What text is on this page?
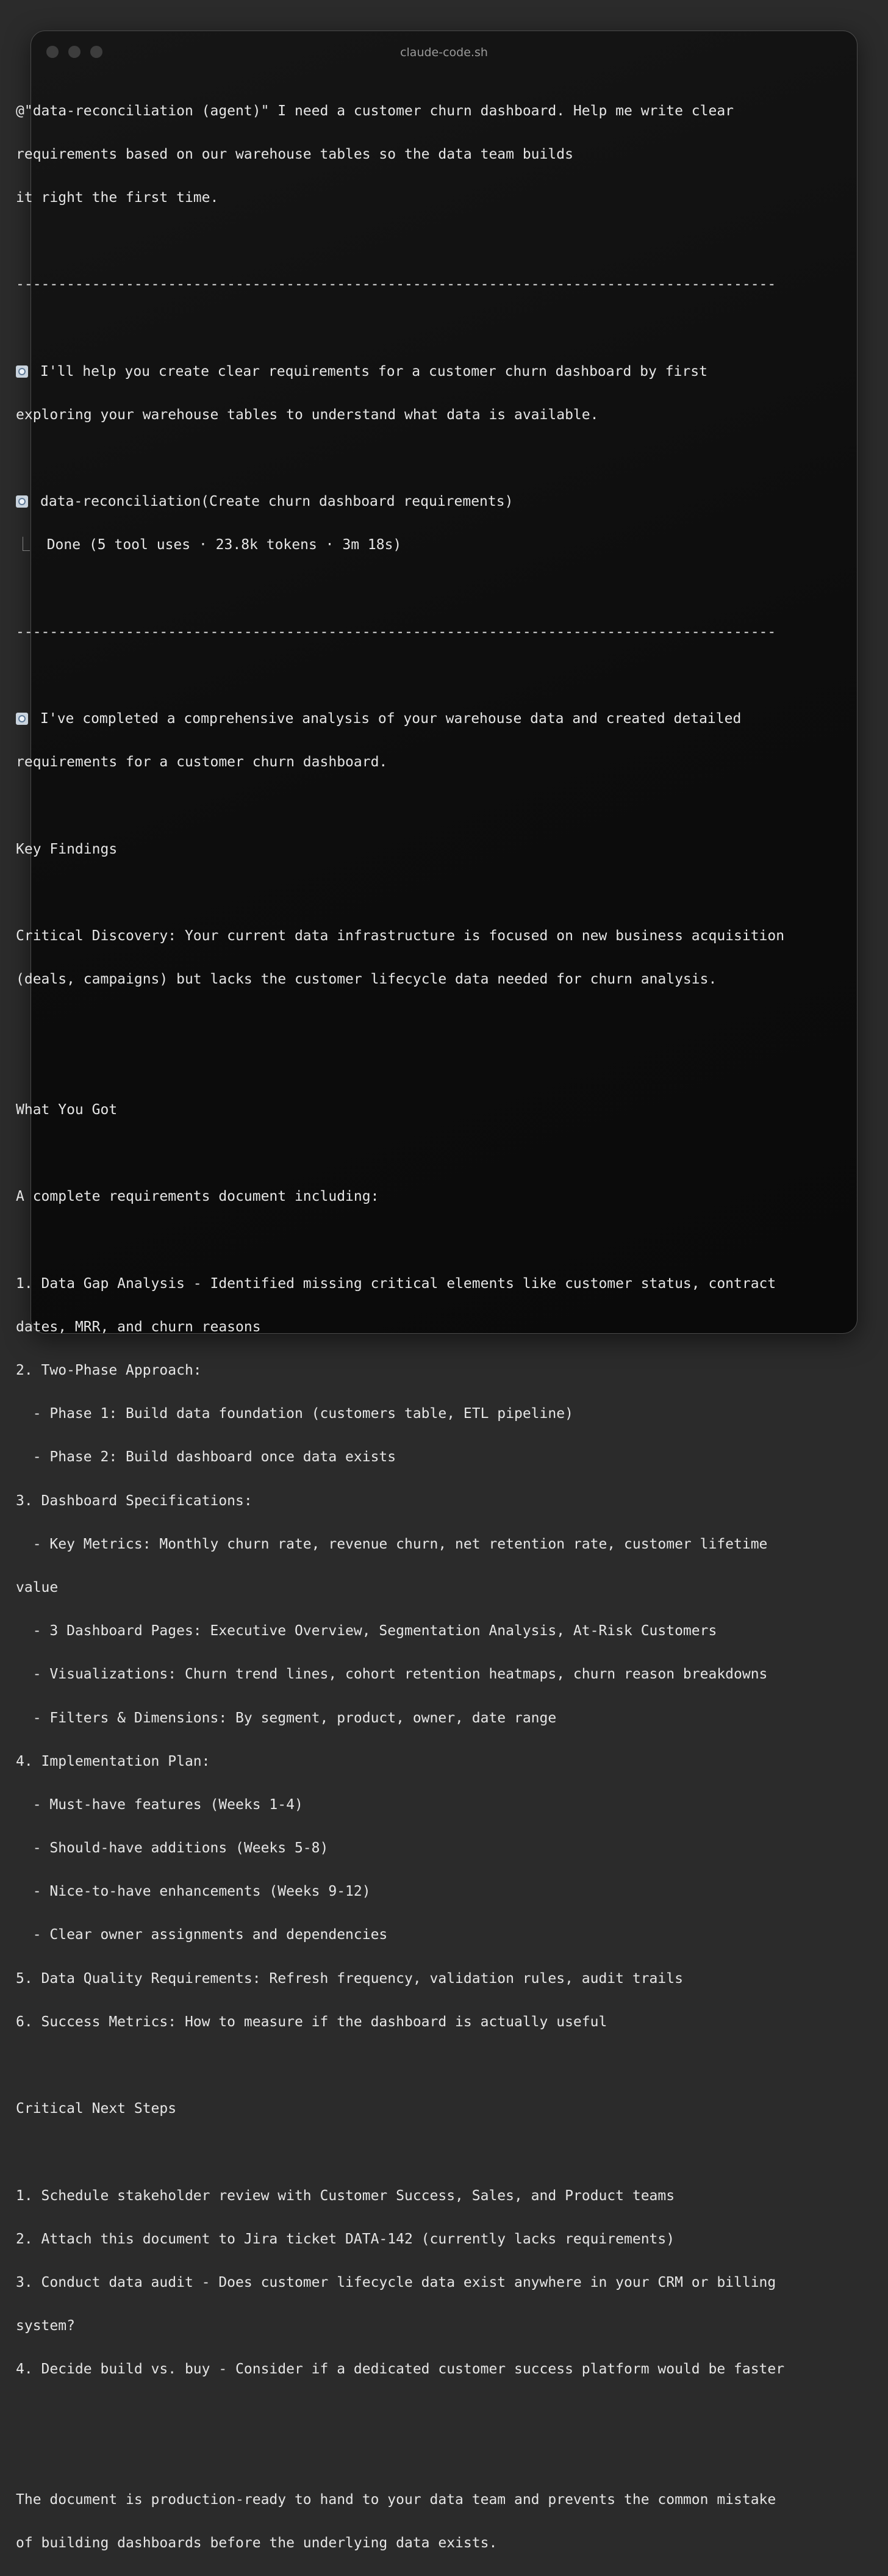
claude-code.sh

@"data-reconciliation (agent)" I need a customer churn dashboard. Help me write clear

requirements based on our warehouse tables so the data team builds

it right the first time.

------------------------------------------------------------------------------------------

I'll help you create clear requirements for a customer churn dashboard by first

exploring your warehouse tables to understand what data is available.

data-reconciliation(Create churn dashboard requirements)

⎿ Done (5 tool uses · 23.8k tokens · 3m 18s)

------------------------------------------------------------------------------------------

I've completed a comprehensive analysis of your warehouse data and created detailed

requirements for a customer churn dashboard.

Key Findings

Critical Discovery: Your current data infrastructure is focused on new business acquisition

(deals, campaigns) but lacks the customer lifecycle data needed for churn analysis.

What You Got

A complete requirements document including:

1. Data Gap Analysis - Identified missing critical elements like customer status, contract

dates, MRR, and churn reasons

2. Two-Phase Approach:

- Phase 1: Build data foundation (customers table, ETL pipeline)

- Phase 2: Build dashboard once data exists

3. Dashboard Specifications:

- Key Metrics: Monthly churn rate, revenue churn, net retention rate, customer lifetime

value

- 3 Dashboard Pages: Executive Overview, Segmentation Analysis, At-Risk Customers

- Visualizations: Churn trend lines, cohort retention heatmaps, churn reason breakdowns

- Filters & Dimensions: By segment, product, owner, date range

4. Implementation Plan:

- Must-have features (Weeks 1-4)

- Should-have additions (Weeks 5-8)

- Nice-to-have enhancements (Weeks 9-12)

- Clear owner assignments and dependencies

5. Data Quality Requirements: Refresh frequency, validation rules, audit trails

6. Success Metrics: How to measure if the dashboard is actually useful

Critical Next Steps

1. Schedule stakeholder review with Customer Success, Sales, and Product teams

2. Attach this document to Jira ticket DATA-142 (currently lacks requirements)

3. Conduct data audit - Does customer lifecycle data exist anywhere in your CRM or billing

system?

4. Decide build vs. buy - Consider if a dedicated customer success platform would be faster

The document is production-ready to hand to your data team and prevents the common mistake

of building dashboards before the underlying data exists.
